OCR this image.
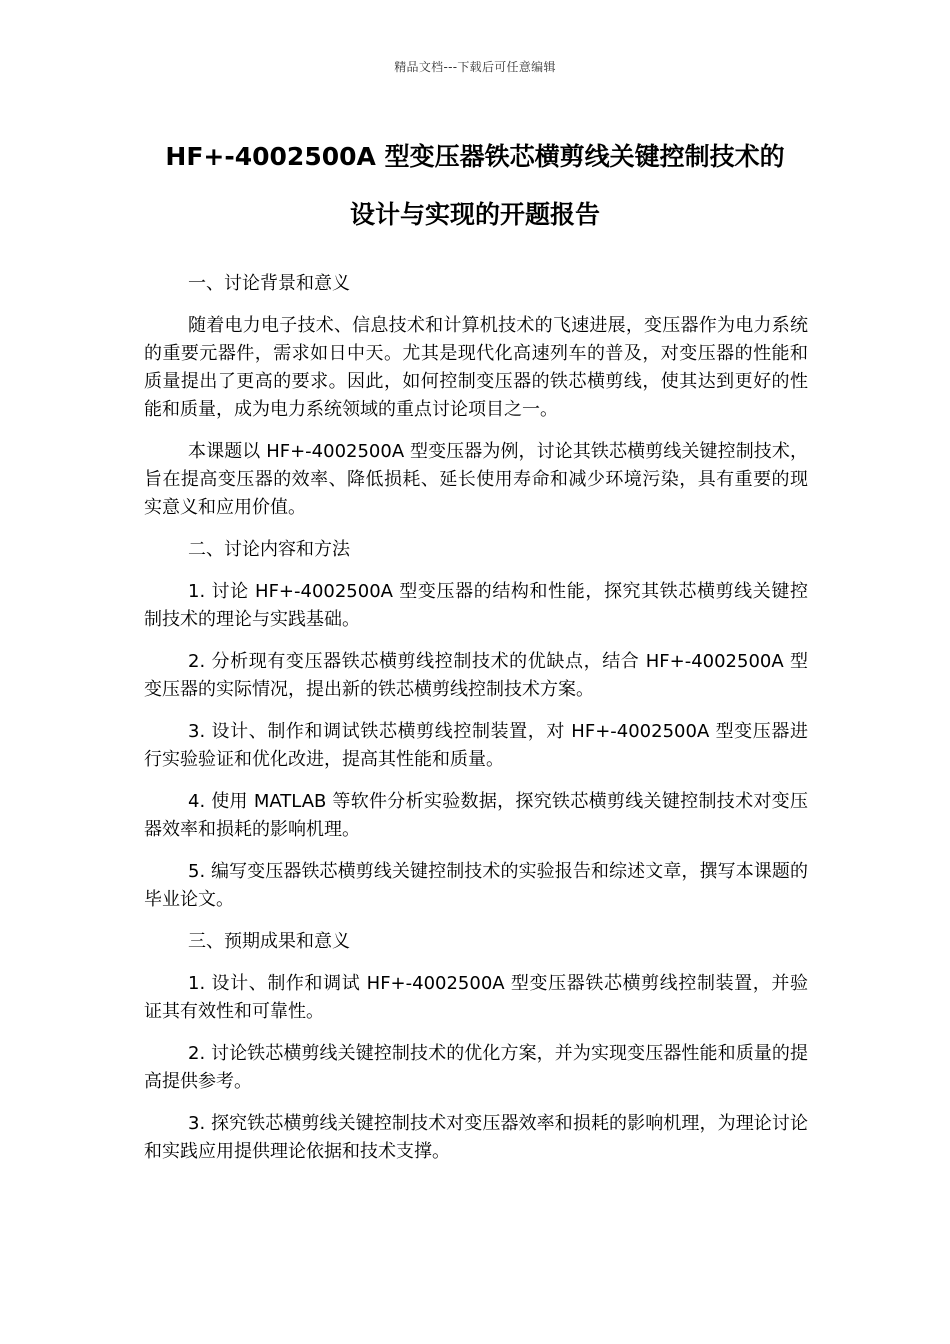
精品文档---下载后可任意编辑
HF+-4002500A 型变压器铁芯横剪线关键控制技术的
设计与实现的开题报告

一、讨论背景和意义

随着电力电子技术、信息技术和计算机技术的飞速进展，变压器作为电力系统的重要元器件，需求如日中天。尤其是现代化高速列车的普及，对变压器的性能和质量提出了更高的要求。因此，如何控制变压器的铁芯横剪线，使其达到更好的性能和质量，成为电力系统领域的重点讨论项目之一。

本课题以 HF+-4002500A 型变压器为例，讨论其铁芯横剪线关键控制技术，旨在提高变压器的效率、降低损耗、延长使用寿命和减少环境污染，具有重要的现实意义和应用价值。

二、讨论内容和方法

1. 讨论 HF+-4002500A 型变压器的结构和性能，探究其铁芯横剪线关键控制技术的理论与实践基础。

2. 分析现有变压器铁芯横剪线控制技术的优缺点，结合 HF+-4002500A 型变压器的实际情况，提出新的铁芯横剪线控制技术方案。

3. 设计、制作和调试铁芯横剪线控制装置，对 HF+-4002500A 型变压器进行实验验证和优化改进，提高其性能和质量。

4. 使用 MATLAB 等软件分析实验数据，探究铁芯横剪线关键控制技术对变压器效率和损耗的影响机理。

5. 编写变压器铁芯横剪线关键控制技术的实验报告和综述文章，撰写本课题的毕业论文。

三、预期成果和意义

1. 设计、制作和调试 HF+-4002500A 型变压器铁芯横剪线控制装置，并验证其有效性和可靠性。

2. 讨论铁芯横剪线关键控制技术的优化方案，并为实现变压器性能和质量的提高提供参考。

3. 探究铁芯横剪线关键控制技术对变压器效率和损耗的影响机理，为理论讨论和实践应用提供理论依据和技术支撑。
